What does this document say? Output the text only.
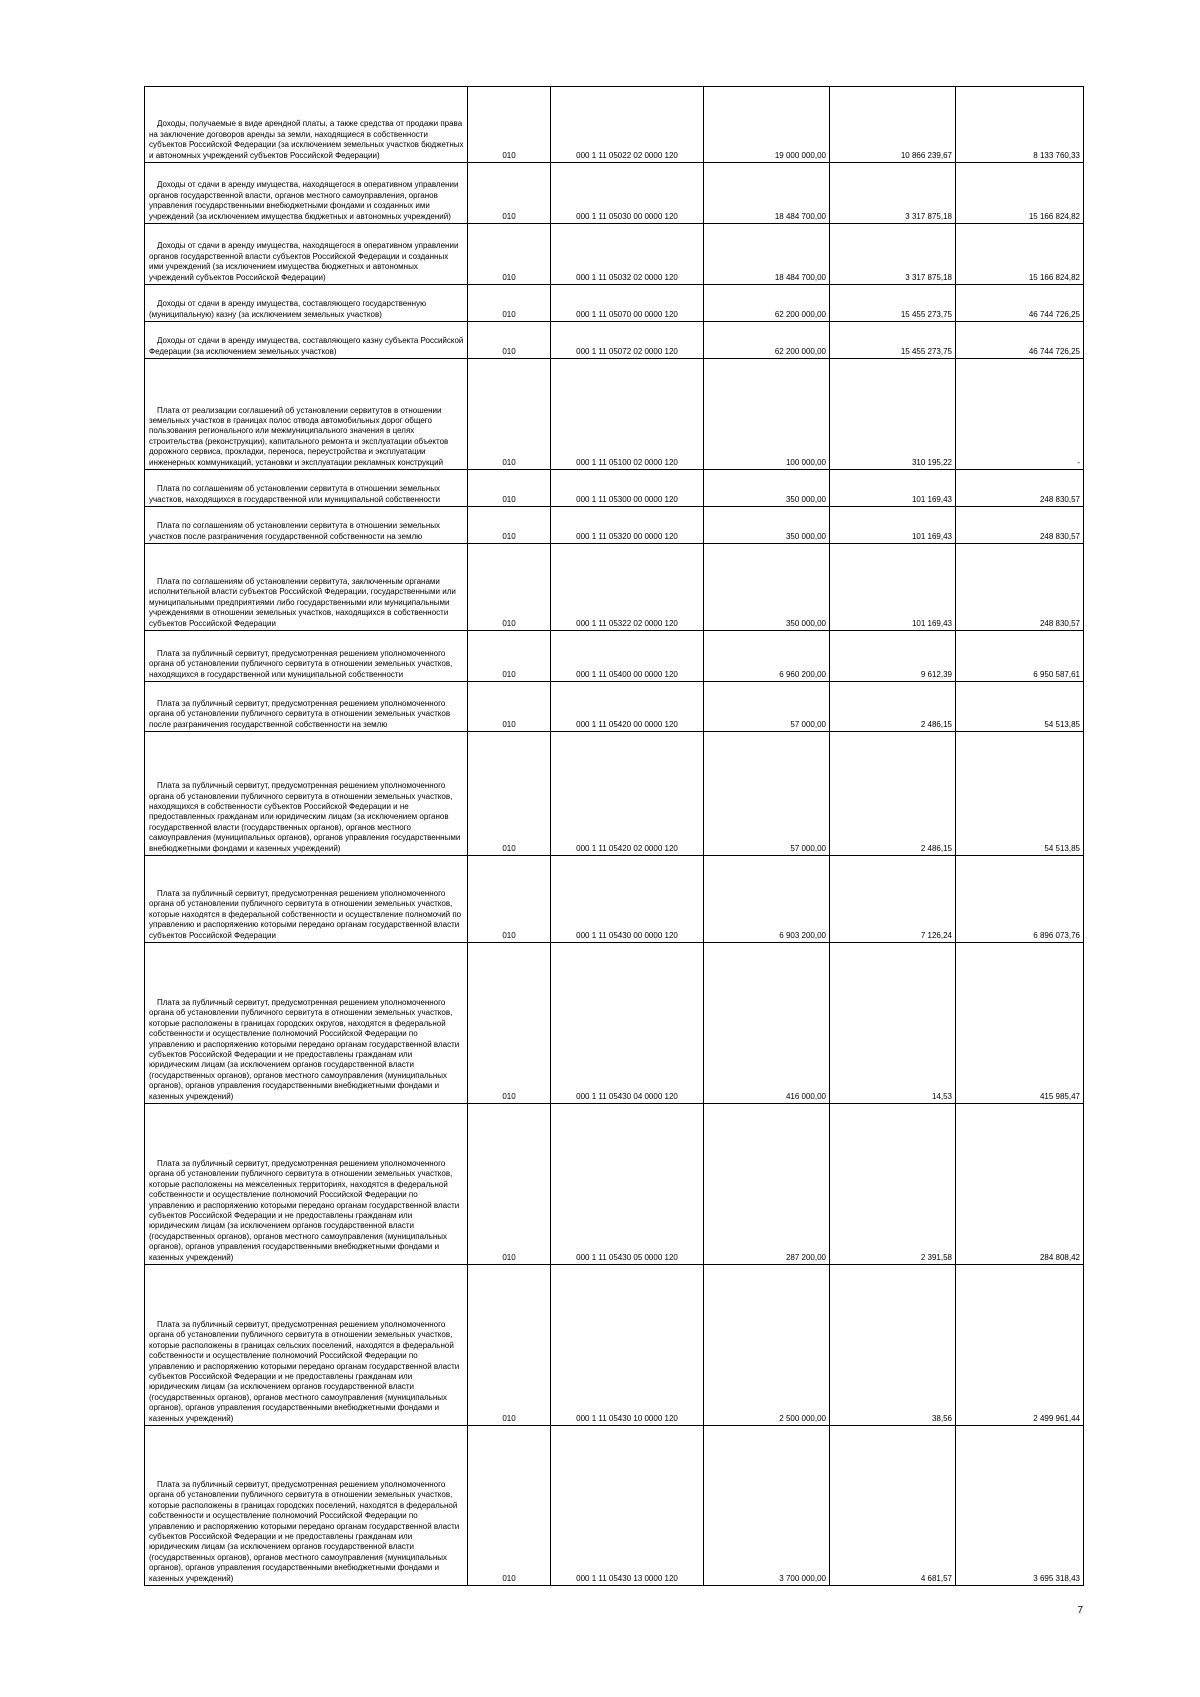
Доходы, получаемые в виде арендной платы, а также средства от продажи права на заключение договоров аренды за земли, находящиеся в собственности субъектов Российской Федерации (за исключением земельных участков бюджетных и автономных учреждений субъектов Российской Федерации)	010	000 1 11 05022 02 0000 120	19 000 000,00	10 866 239,67	8 133 760,33
Доходы от сдачи в аренду имущества, находящегося в оперативном управлении органов государственной власти, органов местного самоуправления, органов управления государственными внебюджетными фондами и созданных ими учреждений (за исключением имущества бюджетных и автономных учреждений)	010	000 1 11 05030 00 0000 120	18 484 700,00	3 317 875,18	15 166 824,82
Доходы от сдачи в аренду имущества, находящегося в оперативном управлении органов государственной власти субъектов Российской Федерации и созданных ими учреждений (за исключением имущества бюджетных и автономных учреждений субъектов Российской Федерации)	010	000 1 11 05032 02 0000 120	18 484 700,00	3 317 875,18	15 166 824,82
Доходы от сдачи в аренду имущества, составляющего государственную (муниципальную) казну (за исключением земельных участков)	010	000 1 11 05070 00 0000 120	62 200 000,00	15 455 273,75	46 744 726,25
Доходы от сдачи в аренду имущества, составляющего казну субъекта Российской Федерации (за исключением земельных участков)	010	000 1 11 05072 02 0000 120	62 200 000,00	15 455 273,75	46 744 726,25
Плата от реализации соглашений об установлении сервитутов в отношении земельных участков в границах полос отвода автомобильных дорог общего пользования регионального или межмуниципального значения в целях строительства (реконструкции), капитального ремонта и эксплуатации объектов дорожного сервиса, прокладки, переноса, переустройства и эксплуатации инженерных коммуникаций, установки и эксплуатации рекламных конструкций	010	000 1 11 05100 02 0000 120	100 000,00	310 195,22	-
Плата по соглашениям об установлении сервитута в отношении земельных участков, находящихся в государственной или муниципальной собственности	010	000 1 11 05300 00 0000 120	350 000,00	101 169,43	248 830,57
Плата по соглашениям об установлении сервитута в отношении земельных участков после разграничения государственной собственности на землю	010	000 1 11 05320 00 0000 120	350 000,00	101 169,43	248 830,57
Плата по соглашениям об установлении сервитута, заключенным органами исполнительной власти субъектов Российской Федерации, государственными или муниципальными предприятиями либо государственными или муниципальными учреждениями в отношении земельных участков, находящихся в собственности субъектов Российской Федерации	010	000 1 11 05322 02 0000 120	350 000,00	101 169,43	248 830,57
Плата за публичный сервитут, предусмотренная решением уполномоченного органа об установлении публичного сервитута в отношении земельных участков, находящихся в государственной или муниципальной собственности	010	000 1 11 05400 00 0000 120	6 960 200,00	9 612,39	6 950 587,61
Плата за публичный сервитут, предусмотренная решением уполномоченного органа об установлении публичного сервитута в отношении земельных участков после разграничения государственной собственности на землю	010	000 1 11 05420 00 0000 120	57 000,00	2 486,15	54 513,85
Плата за публичный сервитут, предусмотренная решением уполномоченного органа об установлении публичного сервитута в отношении земельных участков, находящихся в собственности субъектов Российской Федерации и не предоставленных гражданам или юридическим лицам (за исключением органов государственной власти (государственных органов), органов местного самоуправления (муниципальных органов), органов управления государственными внебюджетными фондами и казенных учреждений)	010	000 1 11 05420 02 0000 120	57 000,00	2 486,15	54 513,85
Плата за публичный сервитут, предусмотренная решением уполномоченного органа об установлении публичного сервитута в отношении земельных участков, которые находятся в федеральной собственности и осуществление полномочий по управлению и распоряжению которыми передано органам государственной власти субъектов Российской Федерации	010	000 1 11 05430 00 0000 120	6 903 200,00	7 126,24	6 896 073,76
Плата за публичный сервитут, предусмотренная решением уполномоченного органа об установлении публичного сервитута в отношении земельных участков, которые расположены в границах городских округов, находятся в федеральной собственности и осуществление полномочий Российской Федерации по управлению и распоряжению которыми передано органам государственной власти субъектов Российской Федерации и не предоставлены гражданам или юридическим лицам (за исключением органов государственной власти (государственных органов), органов местного самоуправления (муниципальных органов), органов управления государственными внебюджетными фондами и казенных учреждений)	010	000 1 11 05430 04 0000 120	416 000,00	14,53	415 985,47
Плата за публичный сервитут, предусмотренная решением уполномоченного органа об установлении публичного сервитута в отношении земельных участков, которые расположены на межселенных территориях, находятся в федеральной собственности и осуществление полномочий Российской Федерации по управлению и распоряжению которыми передано органам государственной власти субъектов Российской Федерации и не предоставлены гражданам или юридическим лицам (за исключением органов государственной власти (государственных органов), органов местного самоуправления (муниципальных органов), органов управления государственными внебюджетными фондами и казенных учреждений)	010	000 1 11 05430 05 0000 120	287 200,00	2 391,58	284 808,42
Плата за публичный сервитут, предусмотренная решением уполномоченного органа об установлении публичного сервитута в отношении земельных участков, которые расположены в границах сельских поселений, находятся в федеральной собственности и осуществление полномочий Российской Федерации по управлению и распоряжению которыми передано органам государственной власти субъектов Российской Федерации и не предоставлены гражданам или юридическим лицам (за исключением органов государственной власти (государственных органов), органов местного самоуправления (муниципальных органов), органов управления государственными внебюджетными фондами и казенных учреждений)	010	000 1 11 05430 10 0000 120	2 500 000,00	38,56	2 499 961,44
Плата за публичный сервитут, предусмотренная решением уполномоченного органа об установлении публичного сервитута в отношении земельных участков, которые расположены в границах городских поселений, находятся в федеральной собственности и осуществление полномочий Российской Федерации по управлению и распоряжению которыми передано органам государственной власти субъектов Российской Федерации и не предоставлены гражданам или юридическим лицам (за исключением органов государственной власти (государственных органов), органов местного самоуправления (муниципальных органов), органов управления государственными внебюджетными фондами и казенных учреждений)	010	000 1 11 05430 13 0000 120	3 700 000,00	4 681,57	3 695 318,43
7
